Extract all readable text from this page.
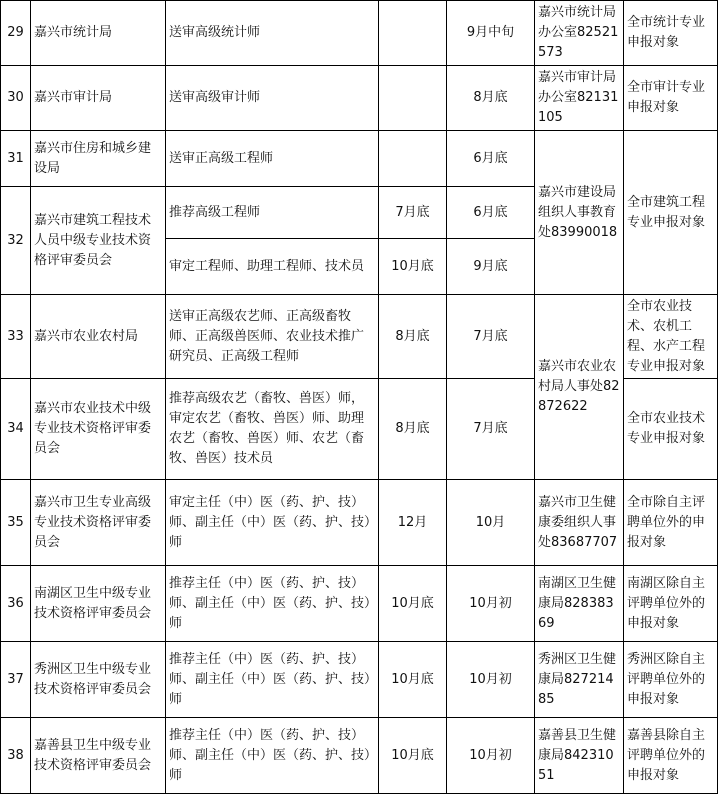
29	嘉兴市统计局	送审高级统计师		9月中旬	嘉兴市统计局办公室82521573	全市统计专业申报对象
30	嘉兴市审计局	送审高级审计师		8月底	嘉兴市审计局办公室82131105	全市审计专业申报对象
31	嘉兴市住房和城乡建设局	送审正高级工程师		6月底	嘉兴市建设局组织人事教育处83990018	全市建筑工程专业申报对象
32	嘉兴市建筑工程技术人员中级专业技术资格评审委员会	推荐高级工程师	7月底	6月底		
		审定工程师、助理工程师、技术员	10月底	9月底		
33	嘉兴市农业农村局	送审正高级农艺师、正高级畜牧师、正高级兽医师、农业技术推广研究员、正高级工程师	8月底	7月底	嘉兴市农业农村局人事处82872622	全市农业技术、农机工程、水产工程专业申报对象
34	嘉兴市农业技术中级专业技术资格评审委员会	推荐高级农艺（畜牧、兽医）师，审定农艺（畜牧、兽医）师、助理农艺（畜牧、兽医）师、农艺（畜牧、兽医）技术员	8月底	7月底		全市农业技术专业申报对象
35	嘉兴市卫生专业高级专业技术资格评审委员会	审定主任（中）医（药、护、技）师、副主任（中）医（药、护、技）师	12月	10月	嘉兴市卫生健康委组织人事处83687707	全市除自主评聘单位外的申报对象
36	南湖区卫生中级专业技术资格评审委员会	推荐主任（中）医（药、护、技）师、副主任（中）医（药、护、技）师	10月底	10月初	南湖区卫生健康局82838369	南湖区除自主评聘单位外的申报对象
37	秀洲区卫生中级专业技术资格评审委员会	推荐主任（中）医（药、护、技）师、副主任（中）医（药、护、技）师	10月底	10月初	秀洲区卫生健康局82721485	秀洲区除自主评聘单位外的申报对象
38	嘉善县卫生中级专业技术资格评审委员会	推荐主任（中）医（药、护、技）师、副主任（中）医（药、护、技）师	10月底	10月初	嘉善县卫生健康局84231051	嘉善县除自主评聘单位外的申报对象
